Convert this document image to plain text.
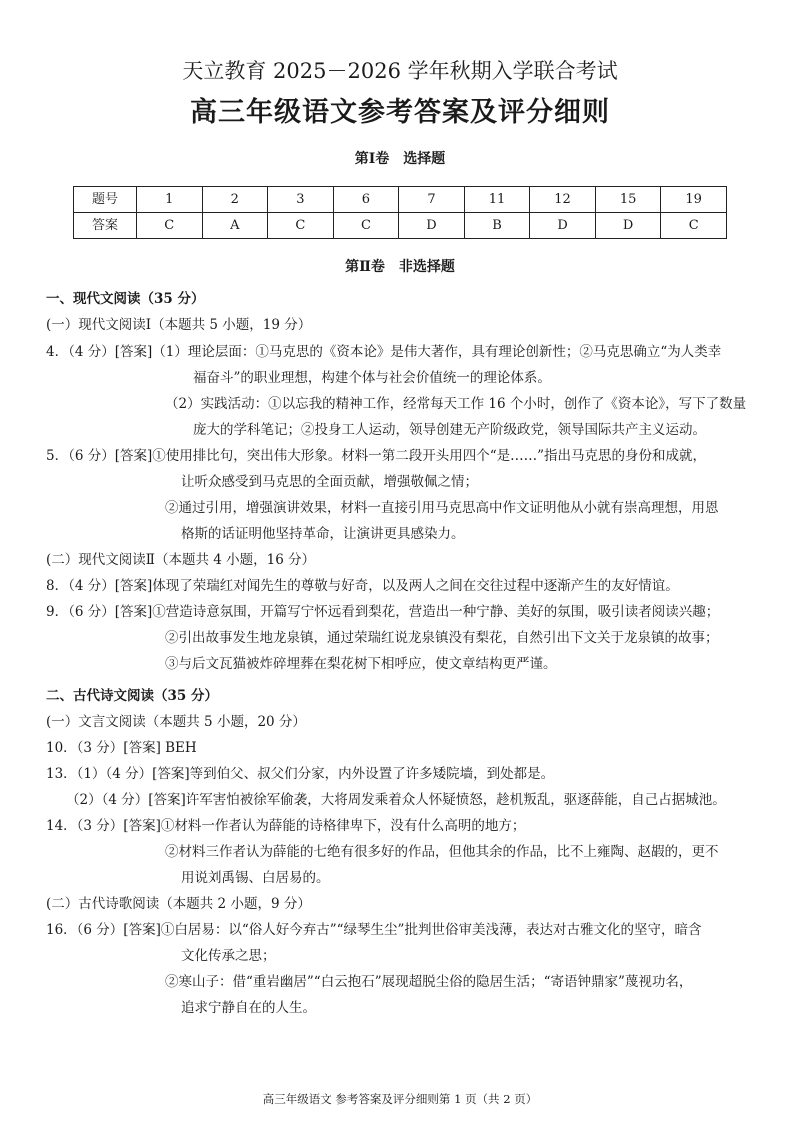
天立教育 2025－2026 学年秋期入学联合考试
高三年级语文参考答案及评分细则
第Ⅰ卷　选择题
题号	1	2	3	6	7	11	12	15	19
答案	C	A	C	C	D	B	D	D	C
第Ⅱ卷　非选择题
一、现代文阅读（35 分）
(一）现代文阅读Ⅰ（本题共 5 小题，19 分）
4．（4 分）[答案]（1）理论层面：①马克思的《资本论》是伟大著作，具有理论创新性；②马克思确立“为人类幸
福奋斗”的职业理想，构建个体与社会价值统一的理论体系。
（2）实践活动：①以忘我的精神工作，经常每天工作 16 个小时，创作了《资本论》，写下了数量
庞大的学科笔记；②投身工人运动，领导创建无产阶级政党，领导国际共产主义运动。
5．（6 分）[答案]①使用排比句，突出伟大形象。材料一第二段开头用四个“是……”指出马克思的身份和成就，
让听众感受到马克思的全面贡献，增强敬佩之情；
②通过引用，增强演讲效果，材料一直接引用马克思高中作文证明他从小就有崇高理想，用恩
格斯的话证明他坚持革命，让演讲更具感染力。
(二）现代文阅读Ⅱ（本题共 4 小题，16 分）
8．（4 分）[答案]体现了荣瑞红对闻先生的尊敬与好奇，以及两人之间在交往过程中逐渐产生的友好情谊。
9．（6 分）[答案]①营造诗意氛围，开篇写宁怀远看到梨花，营造出一种宁静、美好的氛围，吸引读者阅读兴趣；
②引出故事发生地龙泉镇，通过荣瑞红说龙泉镇没有梨花，自然引出下文关于龙泉镇的故事；
③与后文瓦猫被炸碎埋葬在梨花树下相呼应，使文章结构更严谨。
二、古代诗文阅读（35 分）
(一）文言文阅读（本题共 5 小题，20 分）
10．（3 分）[答案] BEH
13．（1）（4 分）[答案]等到伯父、叔父们分家，内外设置了许多矮院墙，到处都是。
（2）（4 分）[答案]许军害怕被徐军偷袭，大将周发乘着众人怀疑愤怒，趁机叛乱，驱逐薛能，自己占据城池。
14．（3 分）[答案]①材料一作者认为薛能的诗格律卑下，没有什么高明的地方；
②材料三作者认为薛能的七绝有很多好的作品，但他其余的作品，比不上雍陶、赵嘏的，更不
用说刘禹锡、白居易的。
(二）古代诗歌阅读（本题共 2 小题，9 分）
16．（6 分）[答案]①白居易：以“俗人好今弃古”“绿琴生尘”批判世俗审美浅薄，表达对古雅文化的坚守，暗含
文化传承之思；
②寒山子：借“重岩幽居”“白云抱石”展现超脱尘俗的隐居生活；“寄语钟鼎家”蔑视功名，
追求宁静自在的人生。
高三年级语文 参考答案及评分细则第 1 页（共 2 页）
